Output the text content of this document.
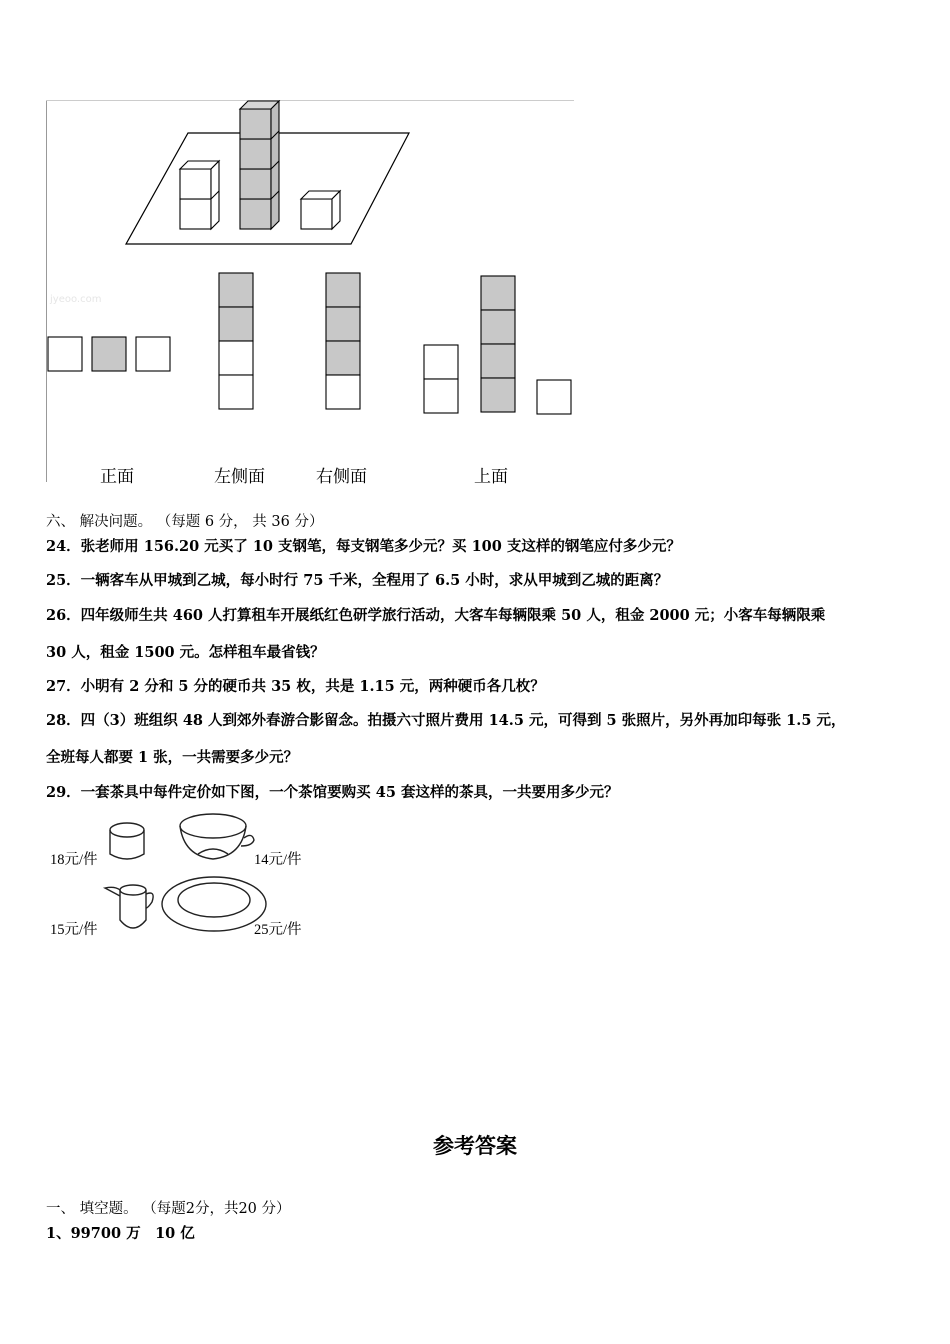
jyeoo.com
正面	左侧面	右侧面	上面
六、 解决问题。 （每题 6 分， 共 36 分）
24．张老师用 156.20 元买了 10 支钢笔，每支钢笔多少元？买 100 支这样的钢笔应付多少元？
25．一辆客车从甲城到乙城，每小时行 75 千米，全程用了 6.5 小时，求从甲城到乙城的距离？
26．四年级师生共 460 人打算租车开展纸红色研学旅行活动，大客车每辆限乘 50 人，租金 2000 元；小客车每辆限乘
30 人，租金 1500 元。怎样租车最省钱？
27．小明有 2 分和 5 分的硬币共 35 枚，共是 1.15 元，两种硬币各几枚？
28．四（3）班组织 48 人到郊外春游合影留念。拍摄六寸照片费用 14.5 元，可得到 5 张照片，另外再加印每张 1.5 元，
全班每人都要 1 张，一共需要多少元？
29．一套茶具中每件定价如下图，一个茶馆要购买 45 套这样的茶具，一共要用多少元？
18元/件	14元/件
15元/件	25元/件
参考答案
一、 填空题。 （每题2分，共20 分）
1、99700 万　10 亿
